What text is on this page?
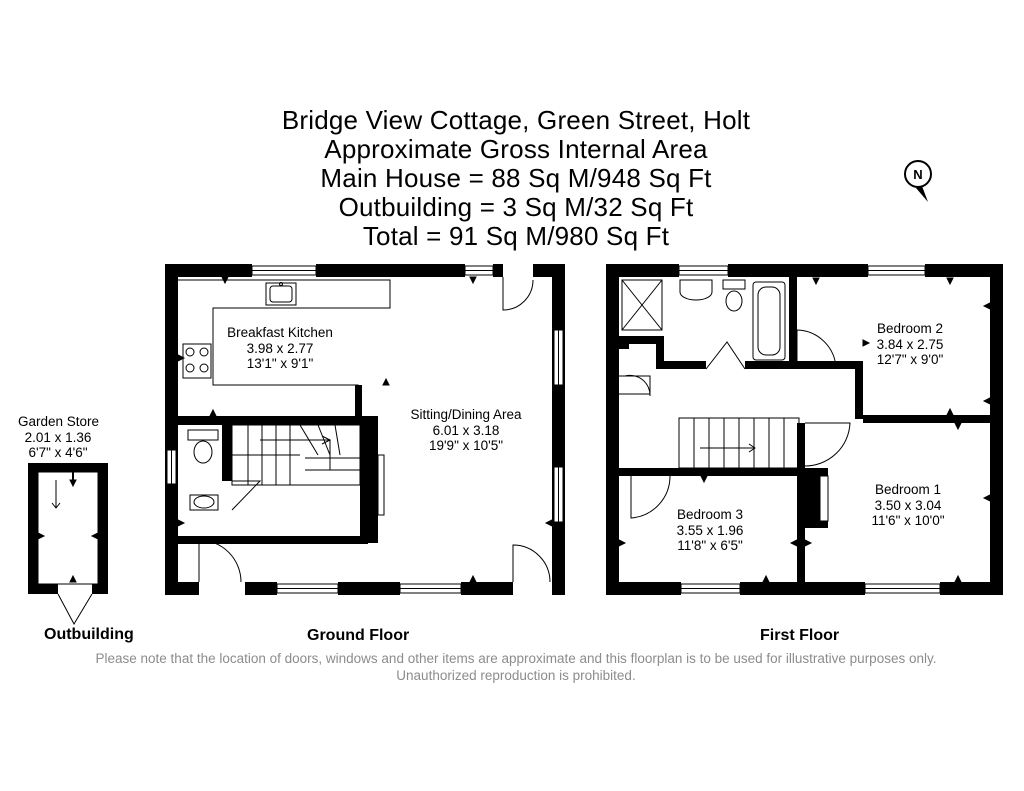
Bridge View Cottage, Green Street, Holt
Approximate Gross Internal Area
Main House = 88 Sq M/948 Sq Ft
Outbuilding = 3 Sq M/32 Sq Ft
Total = 91 Sq M/980 Sq Ft
N
Garden Store
2.01 x 1.36
6'7" x 4'6"
Breakfast Kitchen
3.98 x 2.77
13'1" x 9'1"
Sitting/Dining Area
6.01 x 3.18
19'9" x 10'5"
Bedroom 2
3.84 x 2.75
12'7" x 9'0"
Bedroom 1
3.50 x 3.04
11'6" x 10'0"
Bedroom 3
3.55 x 1.96
11'8" x 6'5"
Outbuilding	Ground Floor	First Floor
Please note that the location of doors, windows and other items are approximate and this floorplan is to be used for illustrative purposes only. Unauthorized reproduction is prohibited.
